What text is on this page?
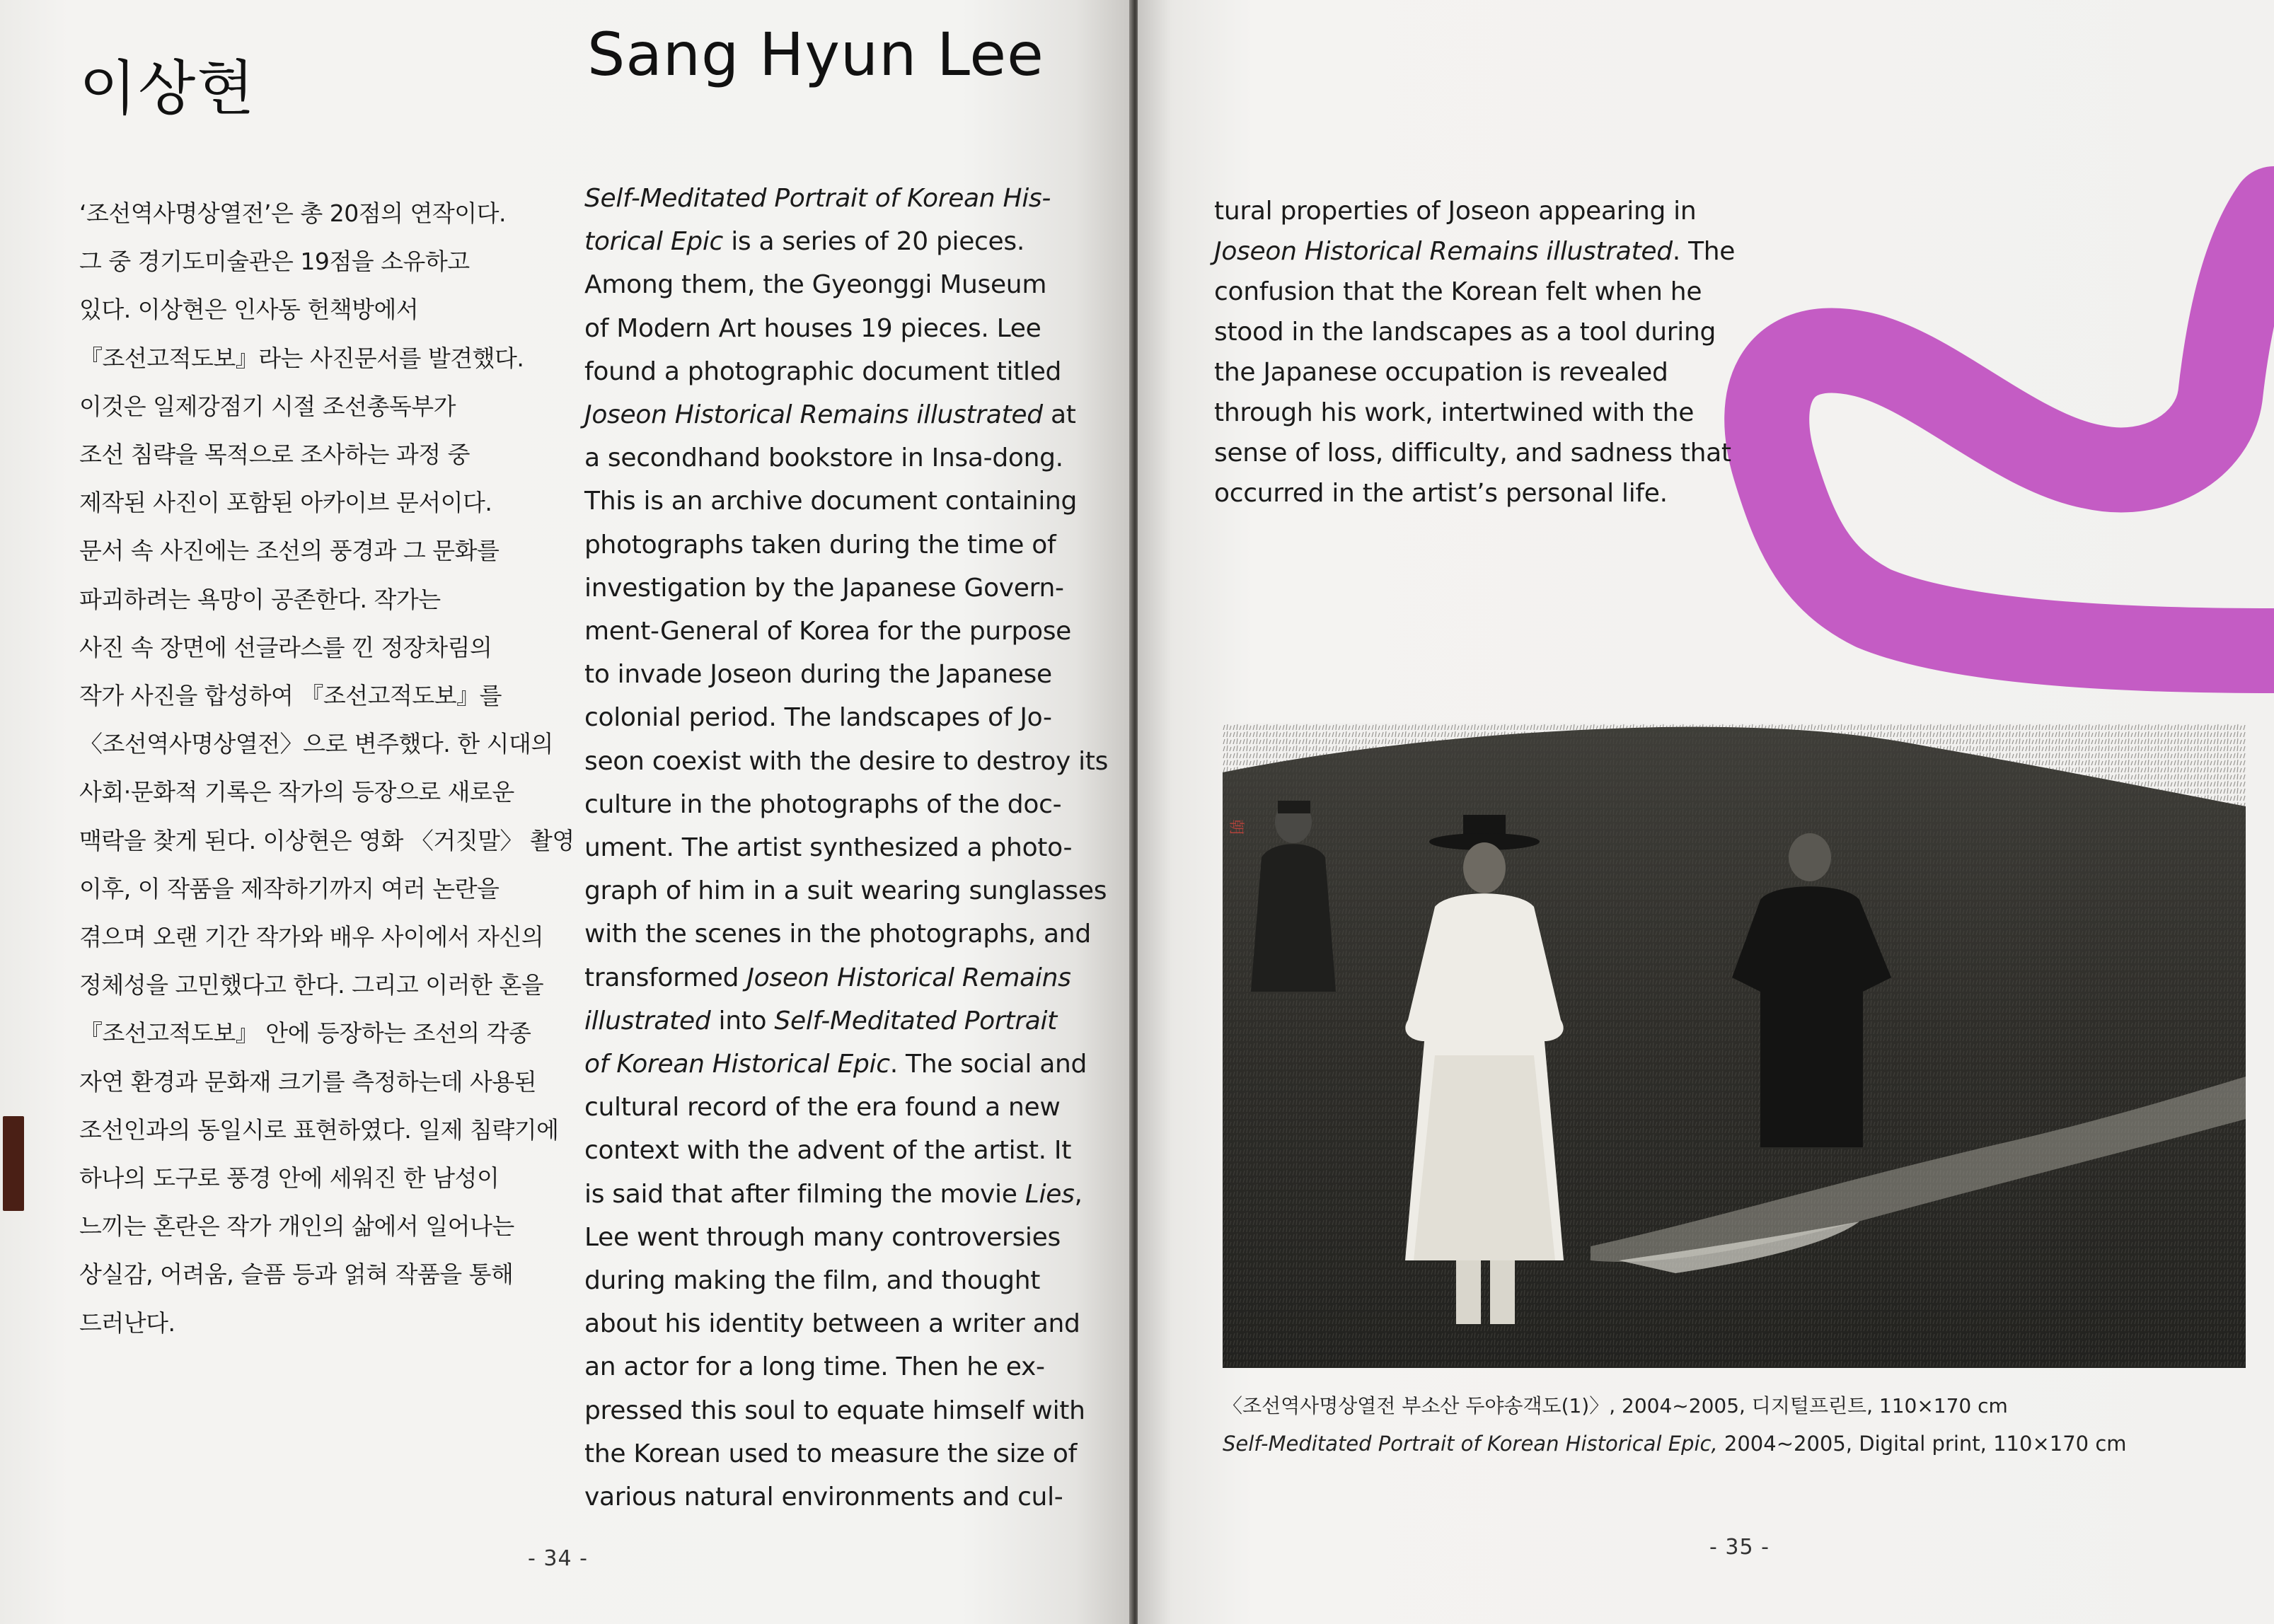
이상현	Sang Hyun Lee
‘조선역사명상열전’은 총 20점의 연작이다.
그 중 경기도미술관은 19점을 소유하고
있다. 이상현은 인사동 헌책방에서
『조선고적도보』라는 사진문서를 발견했다.
이것은 일제강점기 시절 조선총독부가
조선 침략을 목적으로 조사하는 과정 중
제작된 사진이 포함된 아카이브 문서이다.
문서 속 사진에는 조선의 풍경과 그 문화를
파괴하려는 욕망이 공존한다. 작가는
사진 속 장면에 선글라스를 낀 정장차림의
작가 사진을 합성하여 『조선고적도보』를
〈조선역사명상열전〉으로 변주했다. 한 시대의
사회·문화적 기록은 작가의 등장으로 새로운
맥락을 찾게 된다. 이상현은 영화 〈거짓말〉 촬영
이후, 이 작품을 제작하기까지 여러 논란을
겪으며 오랜 기간 작가와 배우 사이에서 자신의
정체성을 고민했다고 한다. 그리고 이러한 혼을
『조선고적도보』 안에 등장하는 조선의 각종
자연 환경과 문화재 크기를 측정하는데 사용된
조선인과의 동일시로 표현하였다. 일제 침략기에
하나의 도구로 풍경 안에 세워진 한 남성이
느끼는 혼란은 작가 개인의 삶에서 일어나는
상실감, 어려움, 슬픔 등과 얽혀 작품을 통해
드러난다.
Self-Meditated Portrait of Korean His-
torical Epic is a series of 20 pieces.
Among them, the Gyeonggi Museum
of Modern Art houses 19 pieces. Lee
found a photographic document titled
Joseon Historical Remains illustrated at
a secondhand bookstore in Insa-dong.
This is an archive document containing
photographs taken during the time of
investigation by the Japanese Govern-
ment-General of Korea for the purpose
to invade Joseon during the Japanese
colonial period. The landscapes of Jo-
seon coexist with the desire to destroy its
culture in the photographs of the doc-
ument. The artist synthesized a photo-
graph of him in a suit wearing sunglasses
with the scenes in the photographs, and
transformed Joseon Historical Remains
illustrated into Self-Meditated Portrait
of Korean Historical Epic. The social and
cultural record of the era found a new
context with the advent of the artist. It
is said that after filming the movie Lies,
Lee went through many controversies
during making the film, and thought
about his identity between a writer and
an actor for a long time. Then he ex-
pressed this soul to equate himself with
the Korean used to measure the size of
various natural environments and cul-
- 34 -
朝
tural properties of Joseon appearing in
Joseon Historical Remains illustrated. The
confusion that the Korean felt when he
stood in the landscapes as a tool during
the Japanese occupation is revealed
through his work, intertwined with the
sense of loss, difficulty, and sadness that
occurred in the artist’s personal life.
〈조선역사명상열전 부소산 두야송객도(1)〉, 2004~2005, 디지털프린트, 110×170 cm
Self-Meditated Portrait of Korean Historical Epic, 2004~2005, Digital print, 110×170 cm
- 35 -
